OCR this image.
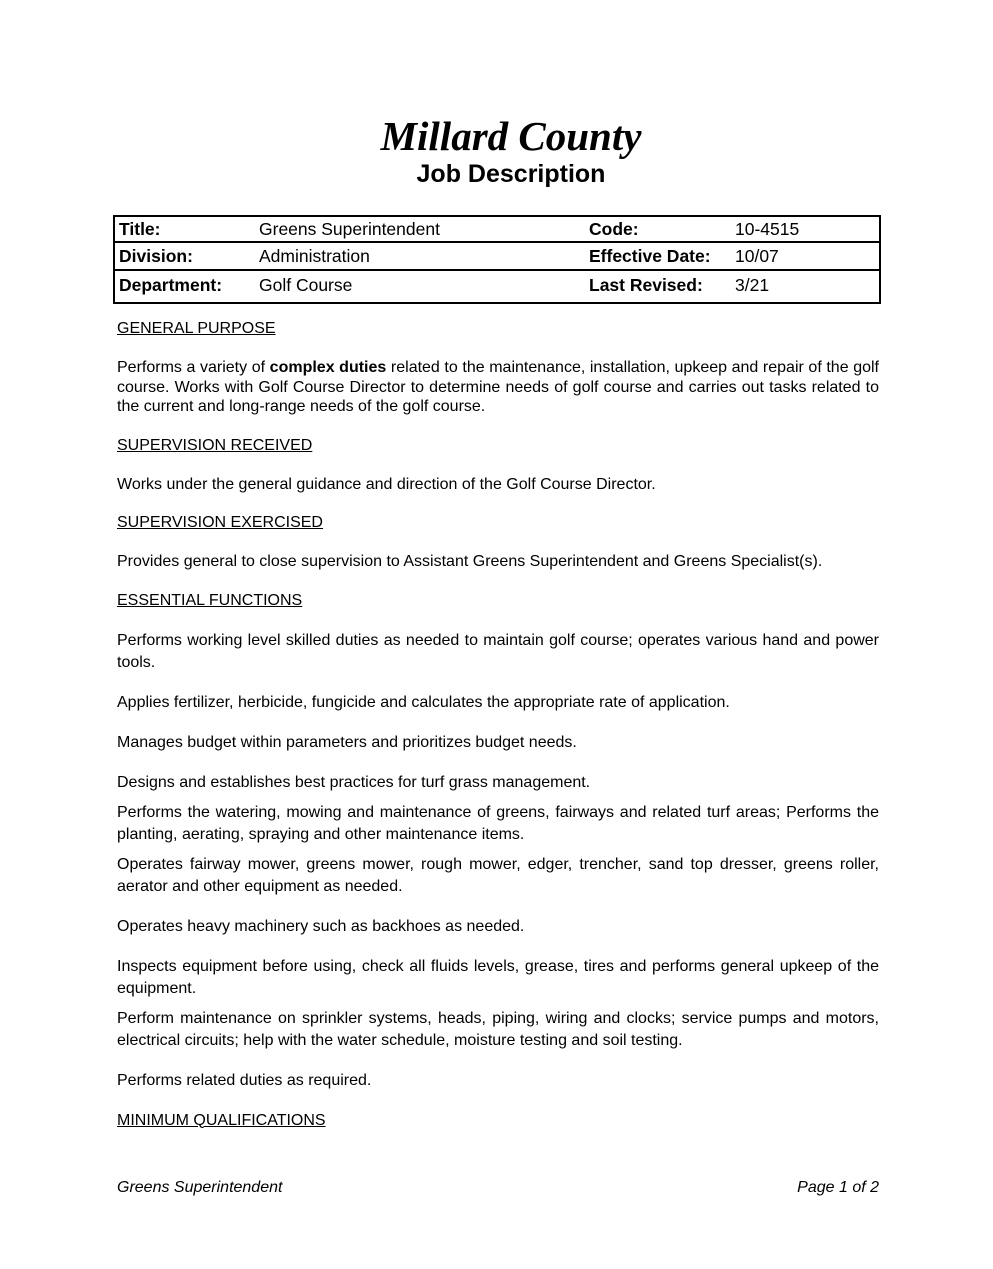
Millard County
Job Description
Title:	Greens Superintendent	Code:	10-4515
Division:	Administration	Effective Date:	10/07
Department:	Golf Course	Last Revised:	3/21
GENERAL PURPOSE
Performs a variety of complex duties related to the maintenance, installation, upkeep and repair of the golf course. Works with Golf Course Director to determine needs of golf course and carries out tasks related to the current and long-range needs of the golf course.
SUPERVISION RECEIVED
Works under the general guidance and direction of the Golf Course Director.
SUPERVISION EXERCISED
Provides general to close supervision to Assistant Greens Superintendent and Greens Specialist(s).
ESSENTIAL FUNCTIONS
Performs working level skilled duties as needed to maintain golf course; operates various hand and power tools.
Applies fertilizer, herbicide, fungicide and calculates the appropriate rate of application.
Manages budget within parameters and prioritizes budget needs.
Designs and establishes best practices for turf grass management.
Performs the watering, mowing and maintenance of greens, fairways and related turf areas; Performs the planting, aerating, spraying and other maintenance items.
Operates fairway mower, greens mower, rough mower, edger, trencher, sand top dresser, greens roller, aerator and other equipment as needed.
Operates heavy machinery such as backhoes as needed.
Inspects equipment before using, check all fluids levels, grease, tires and performs general upkeep of the equipment.
Perform maintenance on sprinkler systems, heads, piping, wiring and clocks; service pumps and motors, electrical circuits; help with the water schedule, moisture testing and soil testing.
Performs related duties as required.
MINIMUM QUALIFICATIONS
Greens Superintendent	Page 1 of 2
